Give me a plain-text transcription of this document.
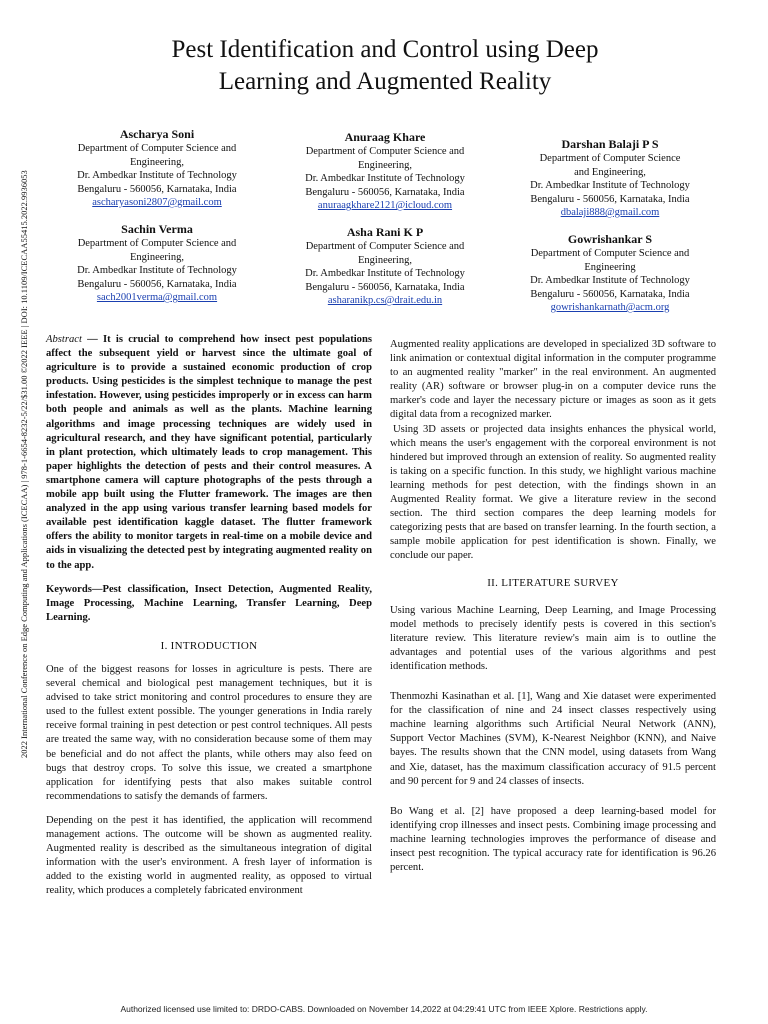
Pest Identification and Control using Deep
Learning and Augmented Reality
2022 International Conference on Edge Computing and Applications (ICECAA) | 978-1-6654-8232-5/22/$31.00 ©2022 IEEE | DOI: 10.1109/ICECAA55415.2022.9936053
Ascharya Soni
Department of Computer Science and
Engineering,
Dr. Ambedkar Institute of Technology
Bengaluru - 560056, Karnataka, India
ascharyasoni2807@gmail.com
Anuraag Khare
Department of Computer Science and
Engineering,
Dr. Ambedkar Institute of Technology
Bengaluru - 560056, Karnataka, India
anuraagkhare2121@icloud.com
Darshan Balaji P S
Department of Computer Science
and Engineering,
Dr. Ambedkar Institute of Technology
Bengaluru - 560056, Karnataka, India
dbalaji888@gmail.com
Sachin Verma
Department of Computer Science and
Engineering,
Dr. Ambedkar Institute of Technology
Bengaluru - 560056, Karnataka, India
sach2001verma@gmail.com
Asha Rani K P
Department of Computer Science and
Engineering,
Dr. Ambedkar Institute of Technology
Bengaluru - 560056, Karnataka, India
asharanikp.cs@drait.edu.in
Gowrishankar S
Department of Computer Science and
Engineering
Dr. Ambedkar Institute of Technology
Bengaluru - 560056, Karnataka, India
gowrishankarnath@acm.org

Abstract — It is crucial to comprehend how insect pest populations affect the subsequent yield or harvest since the ultimate goal of agriculture is to provide a sustained economic production of crop products. Using pesticides is the simplest technique to manage the pest infestation. However, using pesticides improperly or in excess can harm both people and animals as well as the plants. Machine learning algorithms and image processing techniques are widely used in agricultural research, and they have significant potential, particularly in plant protection, which ultimately leads to crop management. This paper highlights the detection of pests and their control measures. A smartphone camera will capture photographs of the pests through a mobile app built using the Flutter framework. The images are then analyzed in the app using various transfer learning based models for available pest identification kaggle dataset. The flutter framework offers the ability to monitor targets in real-time on a mobile device and aids in visualizing the detected pest by integrating augmented reality on to the app.

Keywords—Pest classification, Insect Detection, Augmented Reality, Image Processing, Machine Learning, Transfer Learning, Deep Learning.

I. INTRODUCTION

One of the biggest reasons for losses in agriculture is pests. There are several chemical and biological pest management techniques, but it is advised to take strict monitoring and control procedures to ensure they are used to the fullest extent possible. The younger generations in India rarely receive formal training in pest detection or pest control techniques. All pests are treated the same way, with no consideration because some of them may be beneficial and do not affect the plants, while others may also feed on bugs that destroy crops. To solve this issue, we created a smartphone application for identifying pests that also makes suitable control recommendations to satisfy the demands of farmers.

Depending on the pest it has identified, the application will recommend management actions. The outcome will be shown as augmented reality. Augmented reality is described as the simultaneous integration of digital information with the user's environment. A fresh layer of information is added to the existing world in augmented reality, as opposed to virtual reality, which produces a completely fabricated environment

Augmented reality applications are developed in specialized 3D software to link animation or contextual digital information in the computer programme to an augmented reality "marker" in the real environment. An augmented reality (AR) software or browser plug-in on a computer device runs the marker's code and layer the necessary picture or images as soon as it gets digital data from a recognized marker.

Using 3D assets or projected data insights enhances the physical world, which means the user's engagement with the corporeal environment is not hindered but improved through an extension of reality. So augmented reality is taking on a specific function. In this study, we highlight various machine learning methods for pest detection, with the findings shown in an Augmented Reality format. We give a literature review in the second section. The third section compares the deep learning models for categorizing pests that are based on transfer learning. In the fourth section, a sample mobile application for pest identification is shown. Finally, we conclude our paper.

II. LITERATURE SURVEY

Using various Machine Learning, Deep Learning, and Image Processing model methods to precisely identify pests is covered in this section's literature review. This literature review's main aim is to outline the advantages and potential uses of the various algorithms and pest identification methods.

Thenmozhi Kasinathan et al. [1], Wang and Xie dataset were experimented for the classification of nine and 24 insect classes respectively using machine learning algorithms such Artificial Neural Network (ANN), Support Vector Machines (SVM), K-Nearest Neighbor (KNN), and Naive bayes. The results shown that the CNN model, using datasets from Wang and Xie, dataset, has the maximum classification accuracy of 91.5 percent and 90 percent for 9 and 24 classes of insects.

Bo Wang et al. [2] have proposed a deep learning-based model for identifying crop illnesses and insect pests. Combining image processing and machine learning technologies improves the performance of disease and insect pest recognition. The typical accuracy rate for identification is 96.26 percent.

Authorized licensed use limited to: DRDO-CABS. Downloaded on November 14,2022 at 04:29:41 UTC from IEEE Xplore. Restrictions apply.
